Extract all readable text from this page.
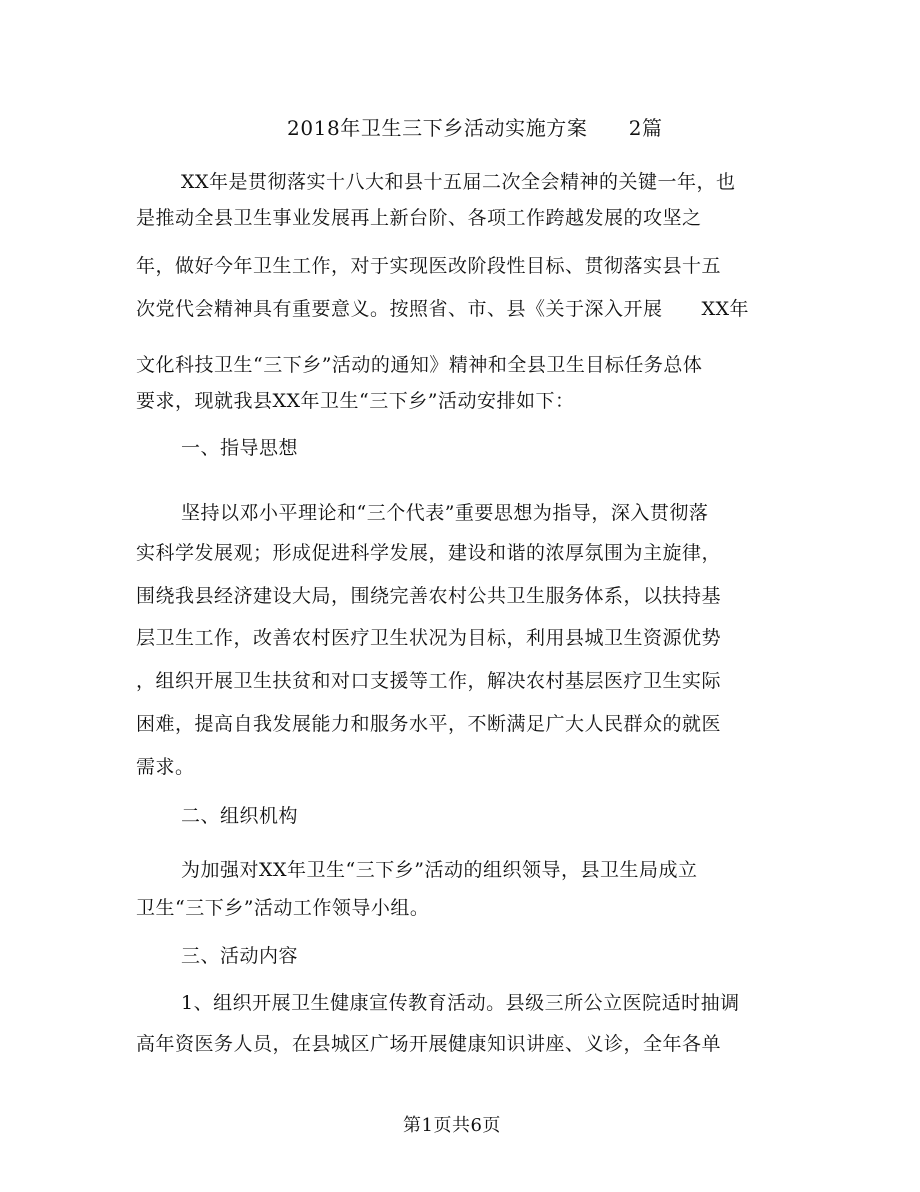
2018年卫生三下乡活动实施方案　　2篇
XX年是贯彻落实十八大和县十五届二次全会精神的关键一年，也
是推动全县卫生事业发展再上新台阶、各项工作跨越发展的攻坚之
年，做好今年卫生工作，对于实现医改阶段性目标、贯彻落实县十五
次党代会精神具有重要意义。按照省、市、县《关于深入开展　　XX年
文化科技卫生“三下乡”活动的通知》精神和全县卫生目标任务总体
要求，现就我县XX年卫生“三下乡”活动安排如下：
一、指导思想
坚持以邓小平理论和“三个代表”重要思想为指导，深入贯彻落
实科学发展观；形成促进科学发展，建设和谐的浓厚氛围为主旋律，
围绕我县经济建设大局，围绕完善农村公共卫生服务体系，以扶持基
层卫生工作，改善农村医疗卫生状况为目标，利用县城卫生资源优势
，组织开展卫生扶贫和对口支援等工作，解决农村基层医疗卫生实际
困难，提高自我发展能力和服务水平，不断满足广大人民群众的就医
需求。
二、组织机构
为加强对XX年卫生“三下乡”活动的组织领导，县卫生局成立
卫生“三下乡”活动工作领导小组。
三、活动内容
1、组织开展卫生健康宣传教育活动。县级三所公立医院适时抽调
高年资医务人员，在县城区广场开展健康知识讲座、义诊，全年各单
第1页共6页
